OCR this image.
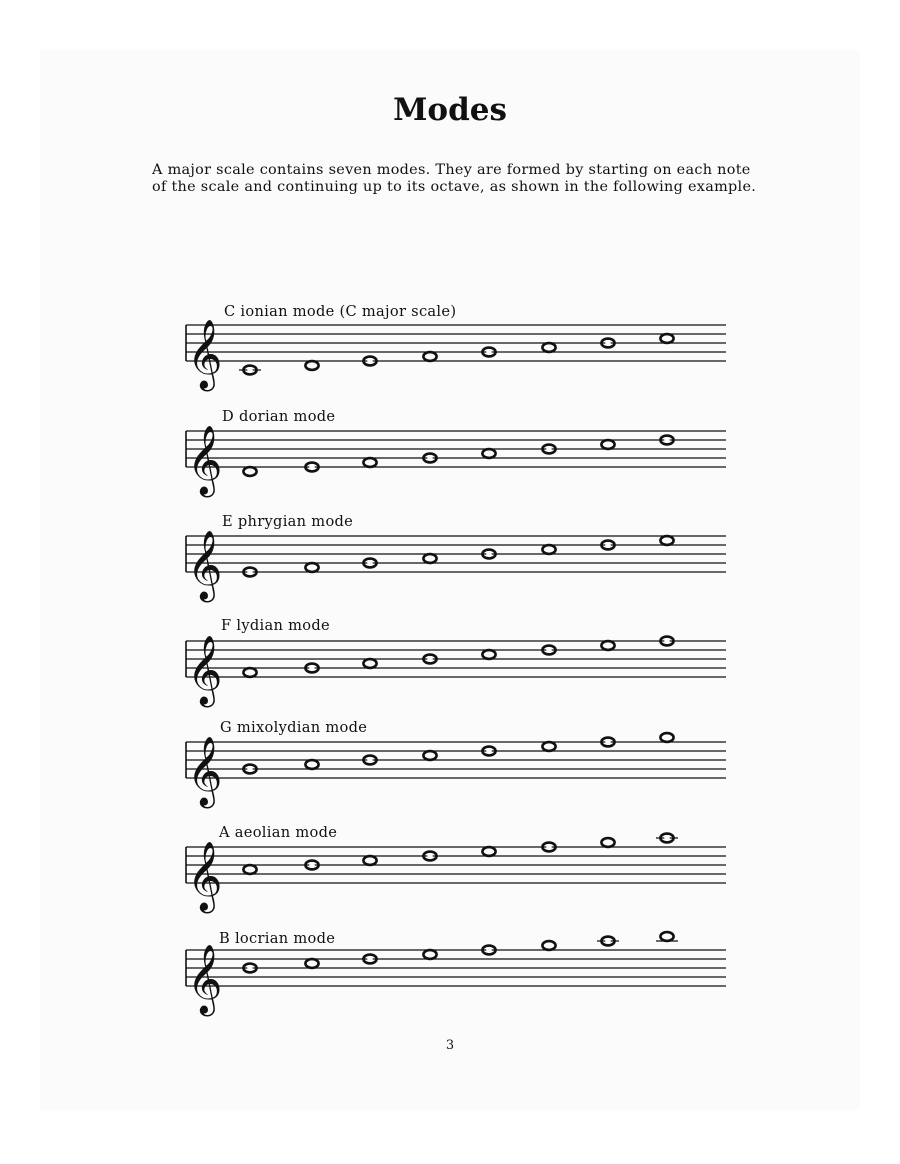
Modes

A major scale contains seven modes. They are formed by starting on each note
of the scale and continuing up to its octave, as shown in the following example.

C ionian mode (C major scale)
D dorian mode
E phrygian mode
F lydian mode
G mixolydian mode
A aeolian mode
B locrian mode
𝄞
𝄞
𝄞
𝄞
𝄞
𝄞
𝄞
3
